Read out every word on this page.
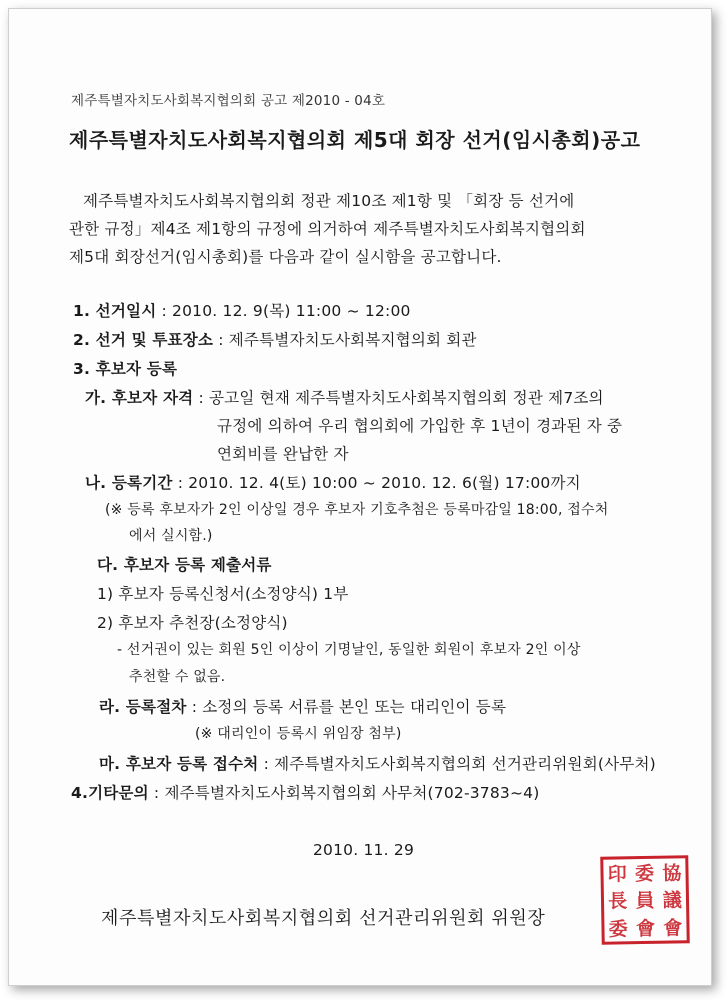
제주특별자치도사회복지협의회 공고 제2010 - 04호
제주특별자치도사회복지협의회 제5대 회장 선거(임시총회)공고
제주특별자치도사회복지협의회 정관 제10조 제1항 및 「회장 등 선거에
관한 규정」제4조 제1항의 규정에 의거하여 제주특별자치도사회복지협의회
제5대 회장선거(임시총회)를 다음과 같이 실시함을 공고합니다.
1. 선거일시 : 2010. 12. 9(목) 11:00 ~ 12:00
2. 선거 및 투표장소 : 제주특별자치도사회복지협의회 회관
3. 후보자 등록
가. 후보자 자격 : 공고일 현재 제주특별자치도사회복지협의회 정관 제7조의
규정에 의하여 우리 협의회에 가입한 후 1년이 경과된 자 중
연회비를 완납한 자
나. 등록기간 : 2010. 12. 4(토) 10:00 ~ 2010. 12. 6(월) 17:00까지
(※ 등록 후보자가 2인 이상일 경우 후보자 기호추첨은 등록마감일 18:00, 접수처
에서 실시함.)
다. 후보자 등록 제출서류
1) 후보자 등록신청서(소정양식) 1부
2) 후보자 추천장(소정양식)
- 선거권이 있는 회원 5인 이상이 기명날인, 동일한 회원이 후보자 2인 이상
추천할 수 없음.
라. 등록절차 : 소정의 등록 서류를 본인 또는 대리인이 등록
(※ 대리인이 등록시 위임장 첨부)
마. 후보자 등록 접수처 : 제주특별자치도사회복지협의회 선거관리위원회(사무처)
4.기타문의 : 제주특별자치도사회복지협의회 사무처(702-3783~4)
2010. 11. 29
제주특별자치도사회복지협의회 선거관리위원회 위원장
印 委 協
長 員 議
委 會 會
